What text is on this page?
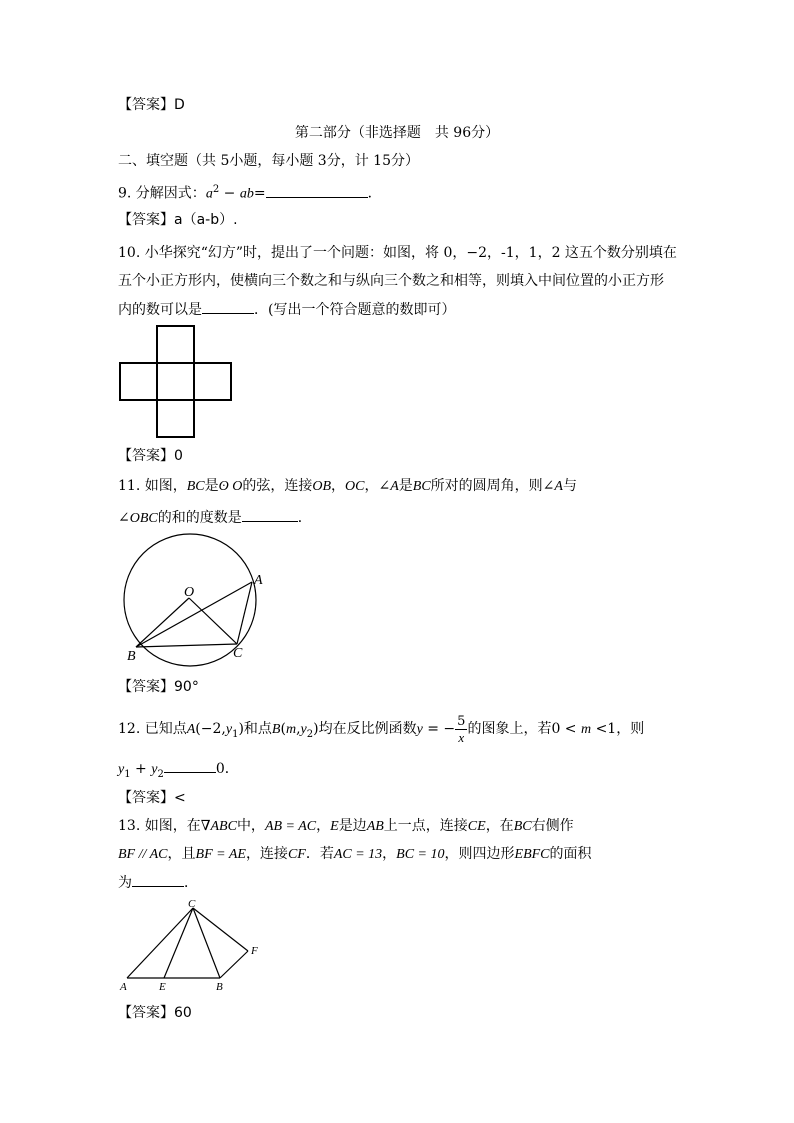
【答案】D
第二部分（非选择题　共 96分）
二、填空题（共 5小题，每小题 3分，计 15分）
9. 分解因式：$a^2 - ab=$	．
【答案】a（a-b）.
10. 小华探究“幻方”时，提出了一个问题：如图，将 0，−2，-1，1，2 这五个数分别填在
五个小正方形内，使横向三个数之和与纵向三个数之和相等，则填入中间位置的小正方形
内的数可以是	．(写出一个符合题意的数即可）
【答案】0
11. 如图，BC是ʘ O的弦，连接OB，OC，∠A是BC所对的圆周角，则∠A与
∠OBC的和的度数是	．
O
A
B	C
【答案】90°
12. 已知点$A(-2,y_1)$和点$B(m,y_2)$均在反比例函数y = − $\frac{5}{x}$ 的图象上，若0 < m <1，则
$y_1 + y_2$	0．
【答案】<
13. 如图，在∇ABC中，AB = AC，E是边AB上一点，连接CE，在BC右侧作
BF // AC，且BF = AE，连接CF．若AC = 13，BC = 10，则四边形EBFC的面积
为	．
C
F
A	E	B
【答案】60
